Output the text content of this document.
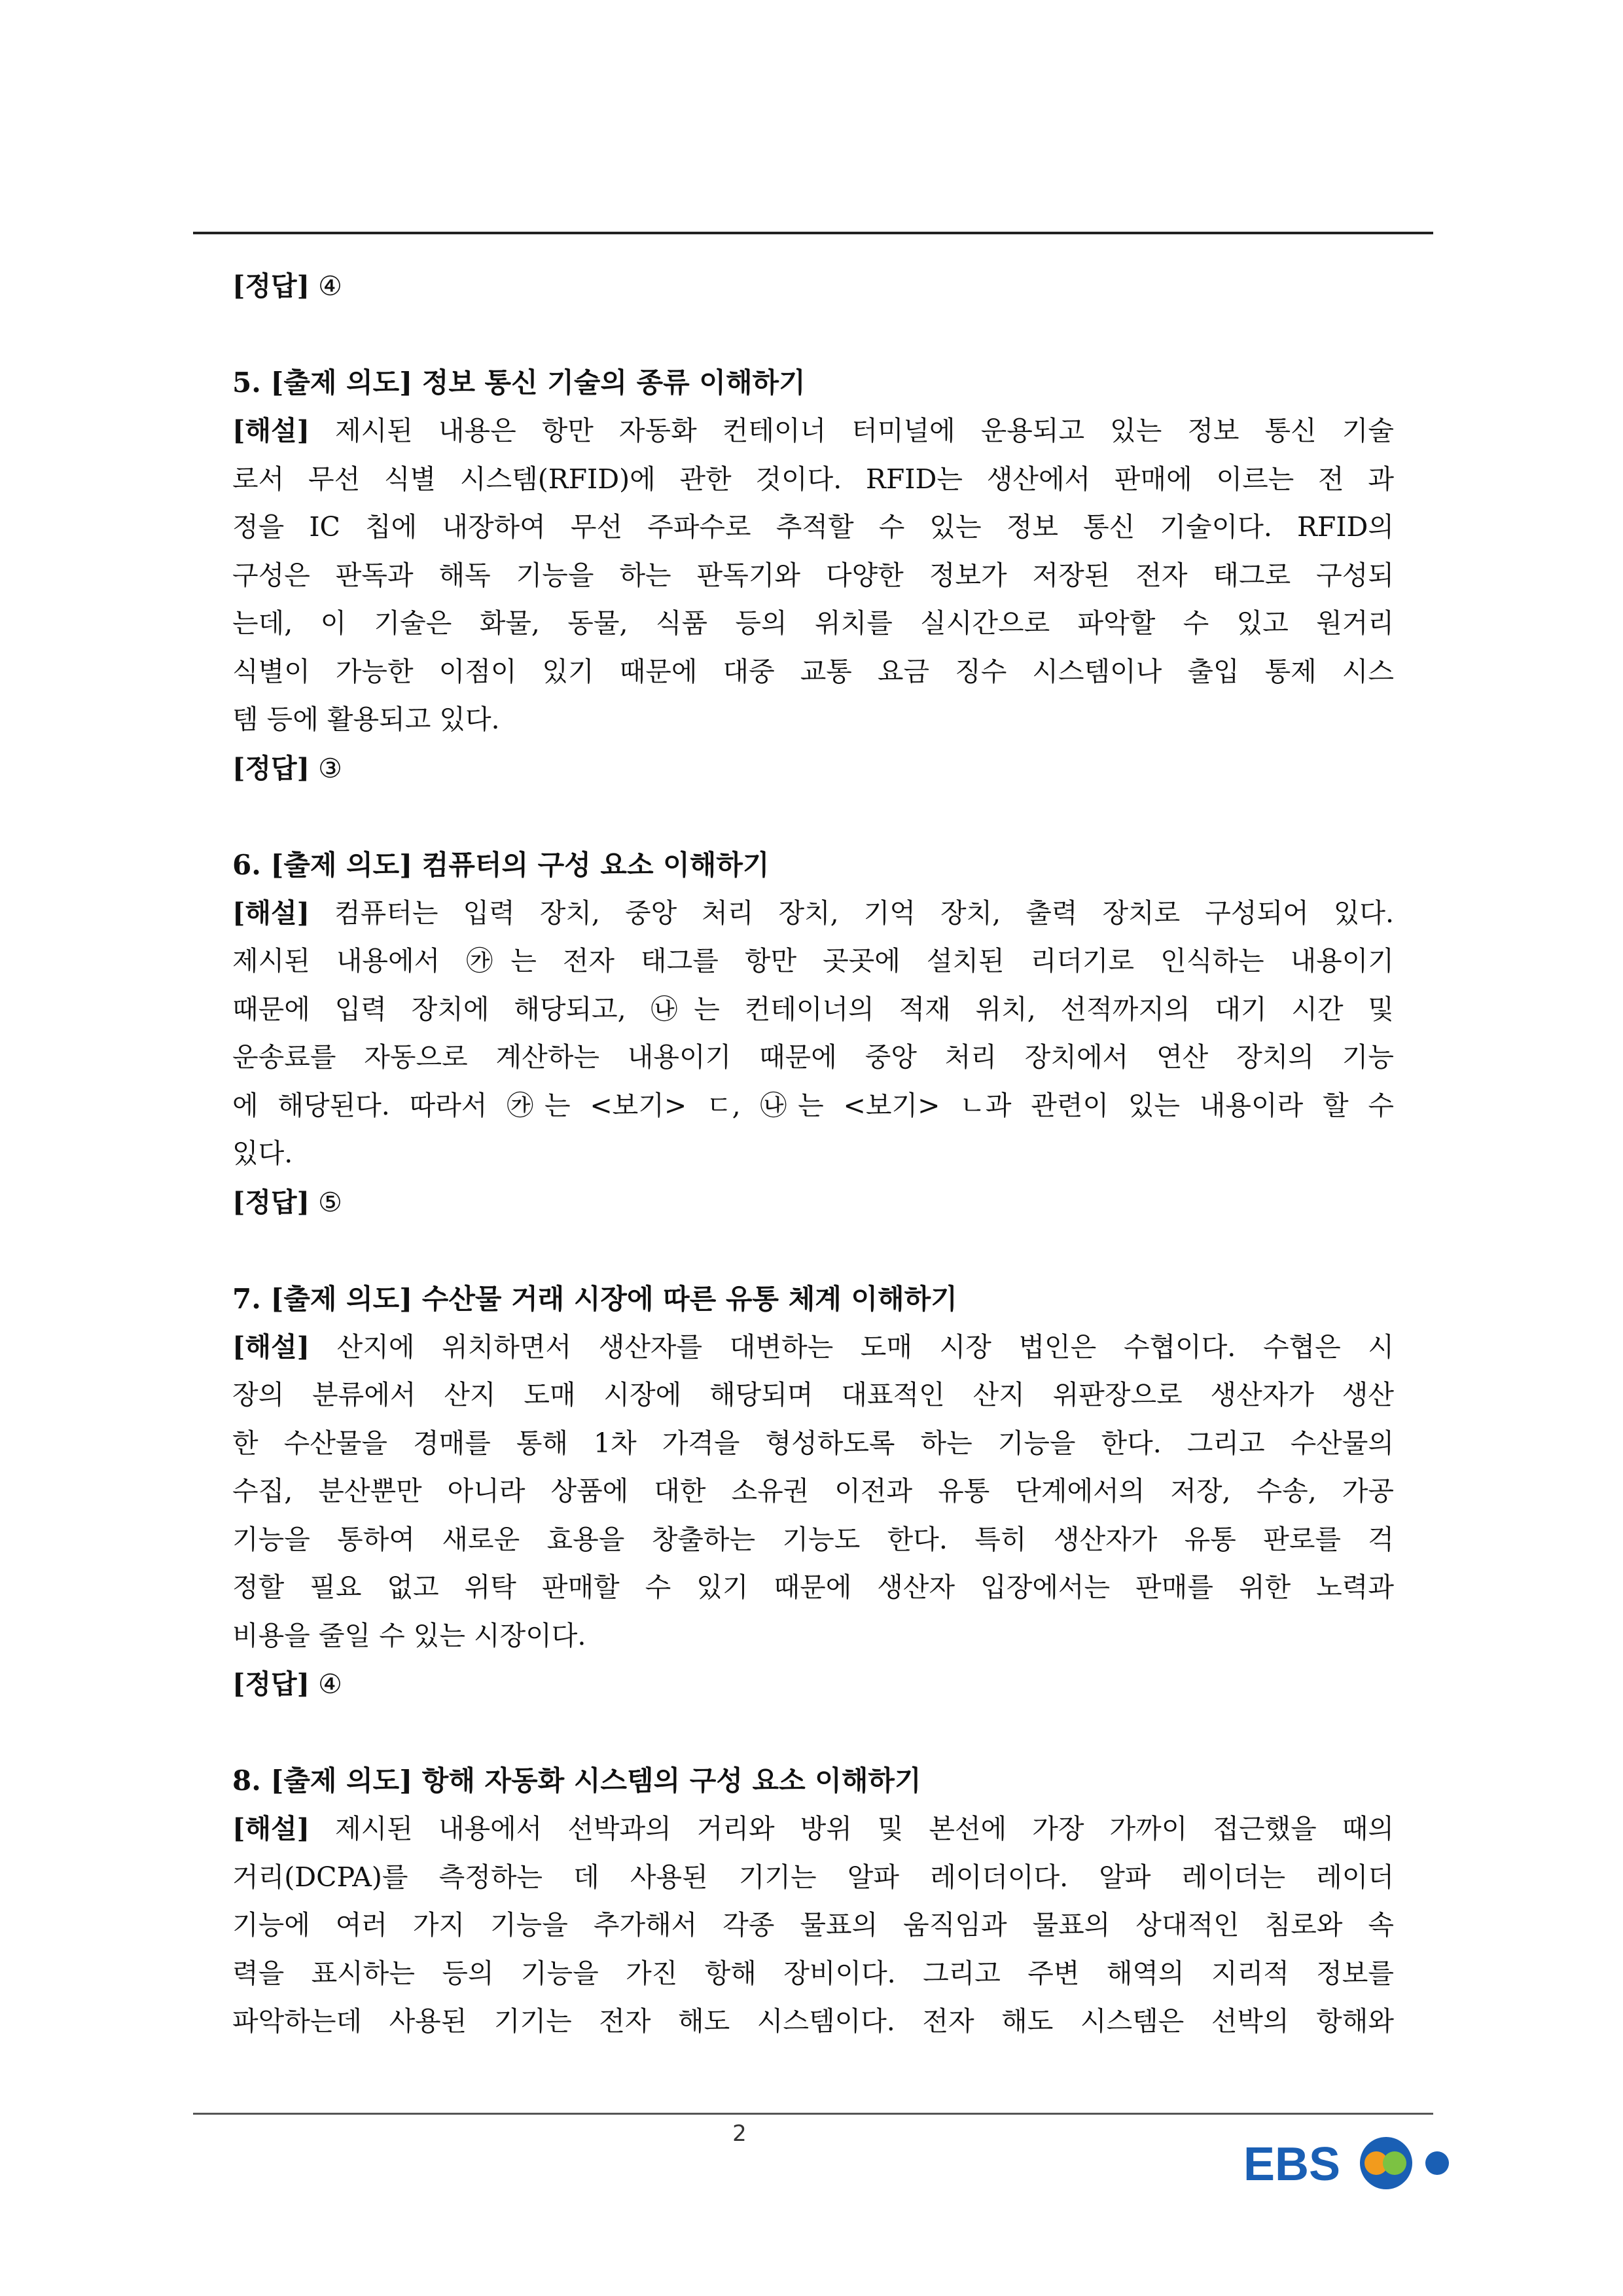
[정답] ④

5. [출제 의도] 정보 통신 기술의 종류 이해하기

[해설] 제시된 내용은 항만 자동화 컨테이너 터미널에 운용되고 있는 정보 통신 기술
로서 무선 식별 시스템(RFID)에 관한 것이다. RFID는 생산에서 판매에 이르는 전 과
정을 IC 칩에 내장하여 무선 주파수로 추적할 수 있는 정보 통신 기술이다. RFID의
구성은 판독과 해독 기능을 하는 판독기와 다양한 정보가 저장된 전자 태그로 구성되
는데, 이 기술은 화물, 동물, 식품 등의 위치를 실시간으로 파악할 수 있고 원거리
식별이 가능한 이점이 있기 때문에 대중 교통 요금 징수 시스템이나 출입 통제 시스
템 등에 활용되고 있다.

[정답] ③

6. [출제 의도] 컴퓨터의 구성 요소 이해하기

[해설] 컴퓨터는 입력 장치, 중앙 처리 장치, 기억 장치, 출력 장치로 구성되어 있다.
제시된 내용에서 ㉮는 전자 태그를 항만 곳곳에 설치된 리더기로 인식하는 내용이기
때문에 입력 장치에 해당되고, ㉯는 컨테이너의 적재 위치, 선적까지의 대기 시간 및
운송료를 자동으로 계산하는 내용이기 때문에 중앙 처리 장치에서 연산 장치의 기능
에 해당된다. 따라서 ㉮는 <보기> ㄷ, ㉯는 <보기> ㄴ과 관련이 있는 내용이라 할 수
있다.

[정답] ⑤

7. [출제 의도] 수산물 거래 시장에 따른 유통 체계 이해하기

[해설] 산지에 위치하면서 생산자를 대변하는 도매 시장 법인은 수협이다. 수협은 시
장의 분류에서 산지 도매 시장에 해당되며 대표적인 산지 위판장으로 생산자가 생산
한 수산물을 경매를 통해 1차 가격을 형성하도록 하는 기능을 한다. 그리고 수산물의
수집, 분산뿐만 아니라 상품에 대한 소유권 이전과 유통 단계에서의 저장, 수송, 가공
기능을 통하여 새로운 효용을 창출하는 기능도 한다. 특히 생산자가 유통 판로를 걱
정할 필요 없고 위탁 판매할 수 있기 때문에 생산자 입장에서는 판매를 위한 노력과
비용을 줄일 수 있는 시장이다.

[정답] ④

8. [출제 의도] 항해 자동화 시스템의 구성 요소 이해하기

[해설] 제시된 내용에서 선박과의 거리와 방위 및 본선에 가장 가까이 접근했을 때의
거리(DCPA)를 측정하는 데 사용된 기기는 알파 레이더이다. 알파 레이더는 레이더
기능에 여러 가지 기능을 추가해서 각종 물표의 움직임과 물표의 상대적인 침로와 속
력을 표시하는 등의 기능을 가진 항해 장비이다. 그리고 주변 해역의 지리적 정보를
파악하는데 사용된 기기는 전자 해도 시스템이다. 전자 해도 시스템은 선박의 항해와
2
EBS
